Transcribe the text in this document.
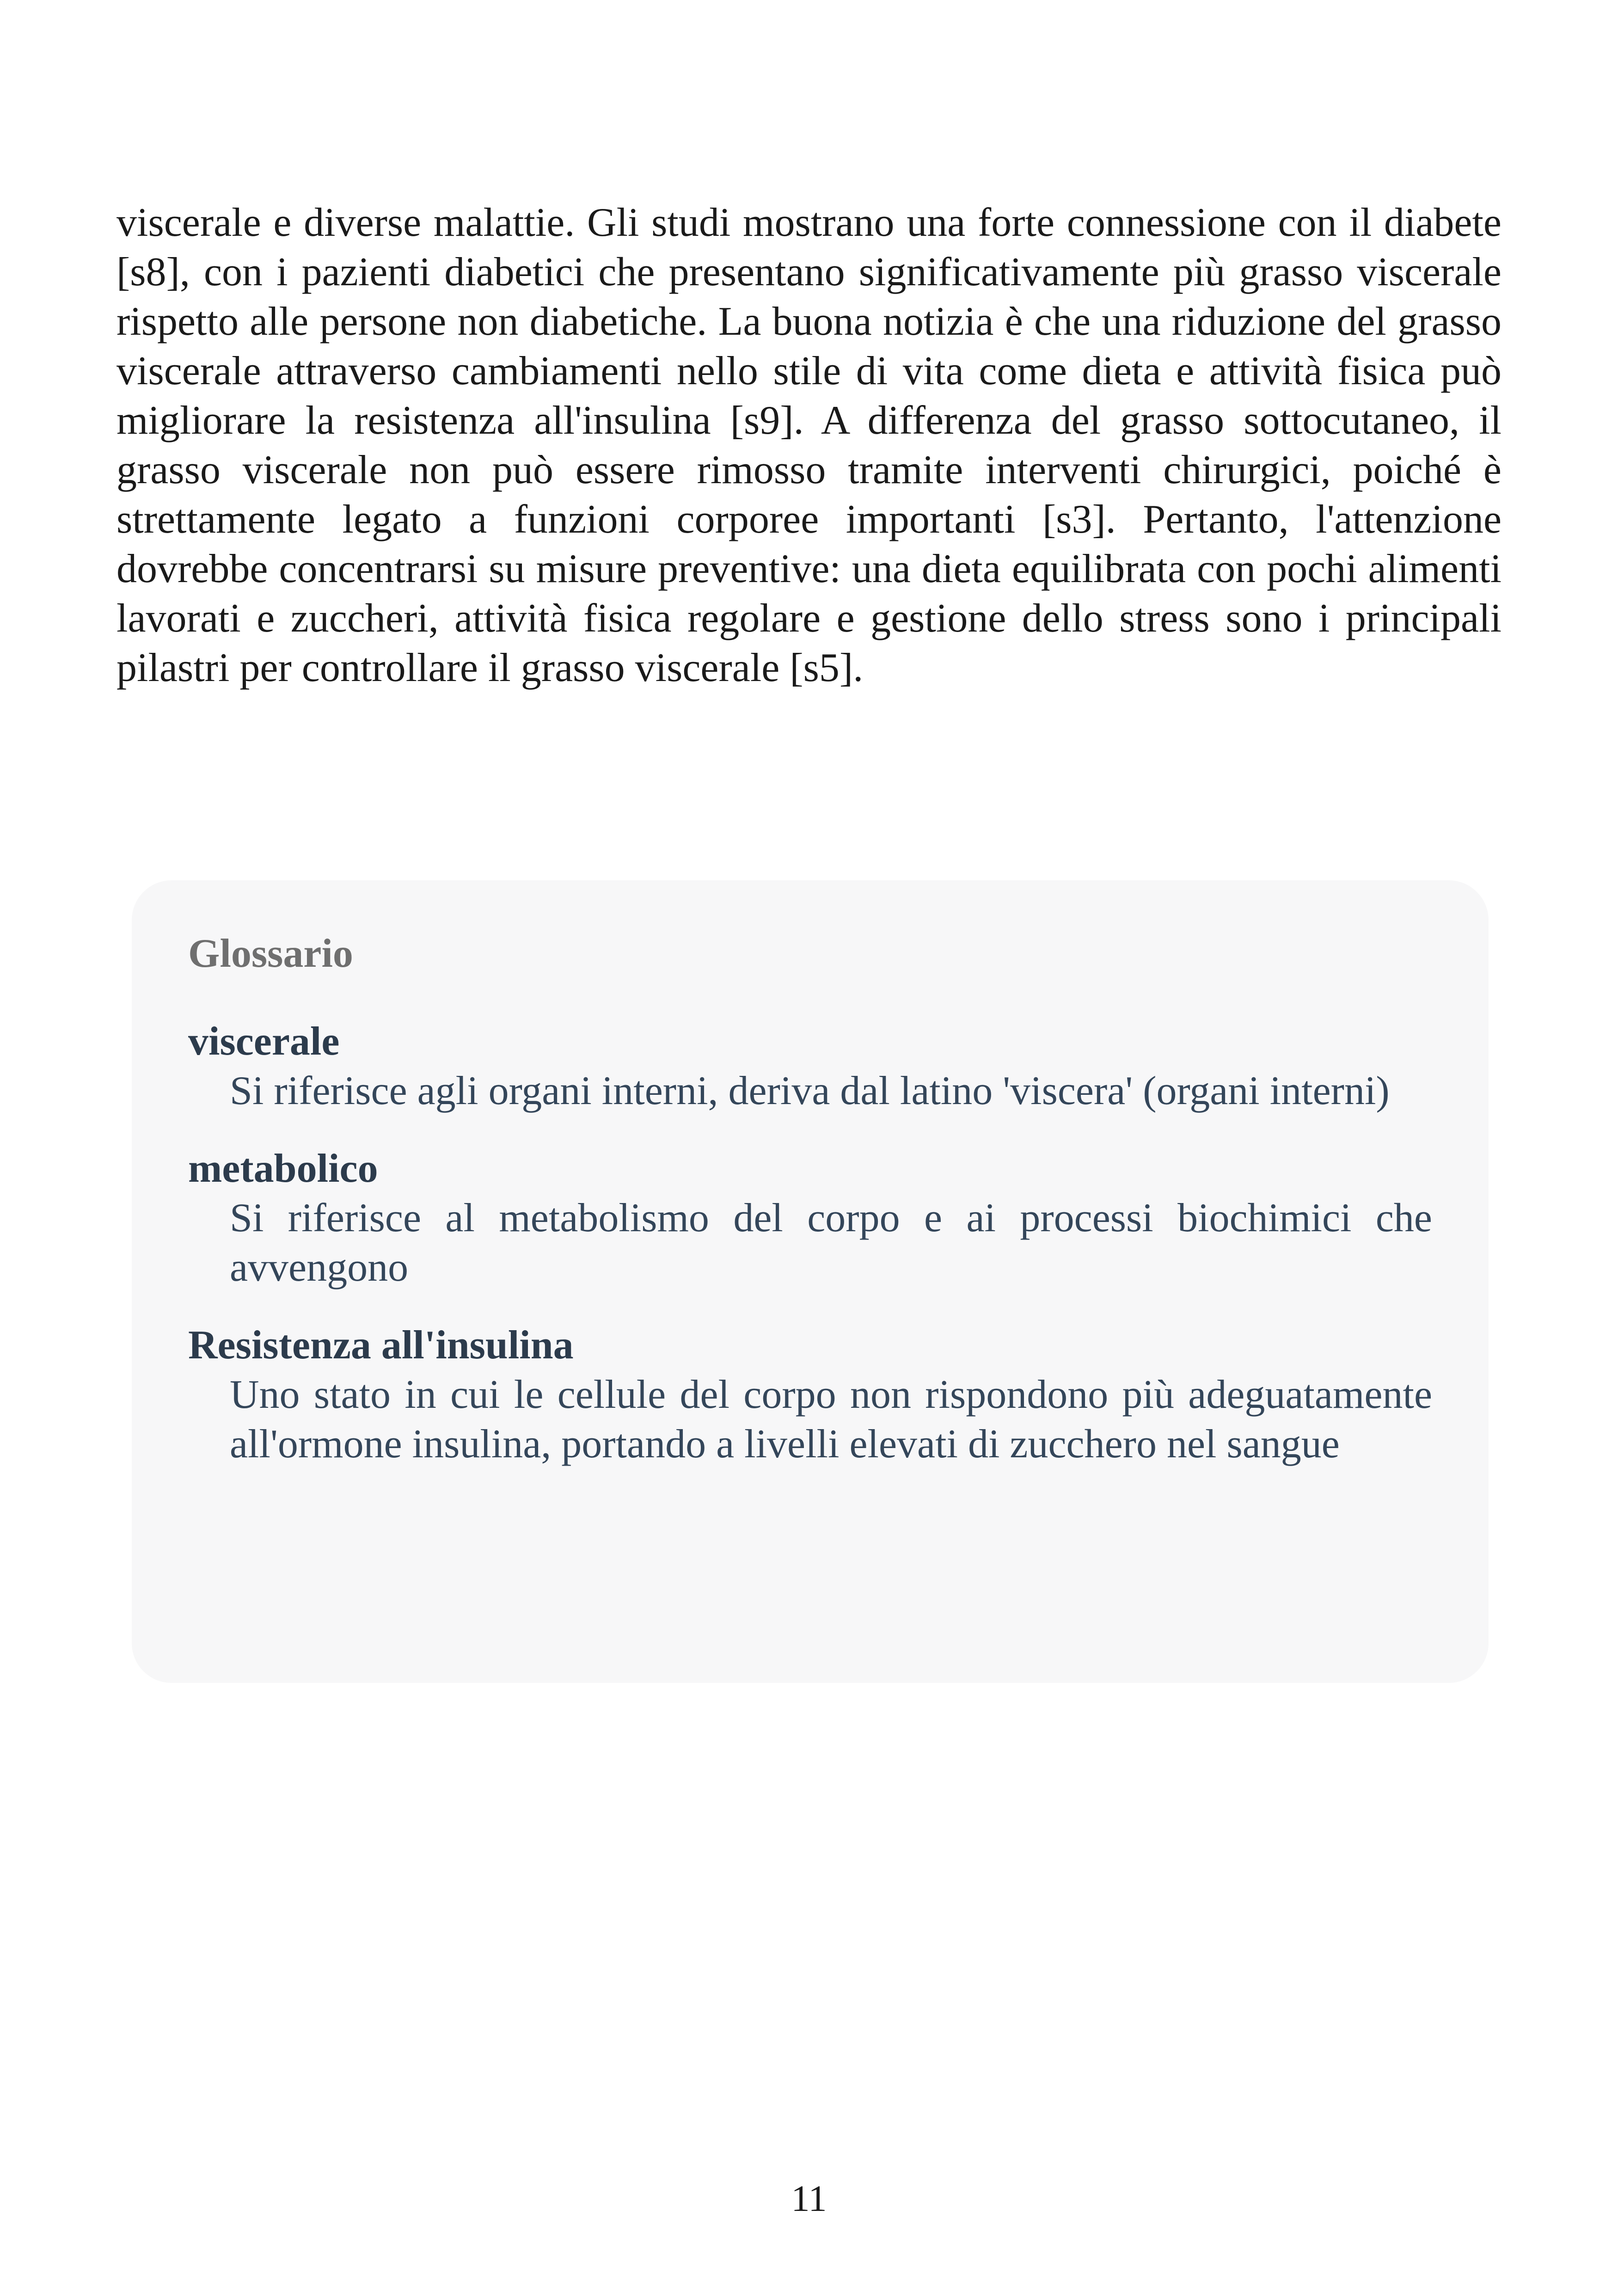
viscerale e diverse malattie. Gli studi mostrano una forte connessione con il diabete [s8], con i pazienti diabetici che presentano significativamente più grasso viscerale rispetto alle persone non diabetiche. La buona notizia è che una riduzione del grasso viscerale attraverso cambiamenti nello stile di vita come dieta e attività fisica può migliorare la resistenza all'insulina [s9]. A differenza del grasso sottocutaneo, il grasso viscerale non può essere rimosso tramite interventi chirurgici, poiché è strettamente legato a funzioni corporee importanti [s3]. Pertanto, l'attenzione dovrebbe concentrarsi su misure preventive: una dieta equilibrata con pochi alimenti lavorati e zuccheri, attività fisica regolare e gestione dello stress sono i principali pilastri per controllare il grasso viscerale [s5].

Glossario

viscerale

Si riferisce agli organi interni, deriva dal latino 'viscera' (organi interni)

metabolico

Si riferisce al metabolismo del corpo e ai processi biochimici che avvengono

Resistenza all'insulina

Uno stato in cui le cellule del corpo non rispondono più adeguatamente all'ormone insulina, portando a livelli elevati di zucchero nel sangue

11
